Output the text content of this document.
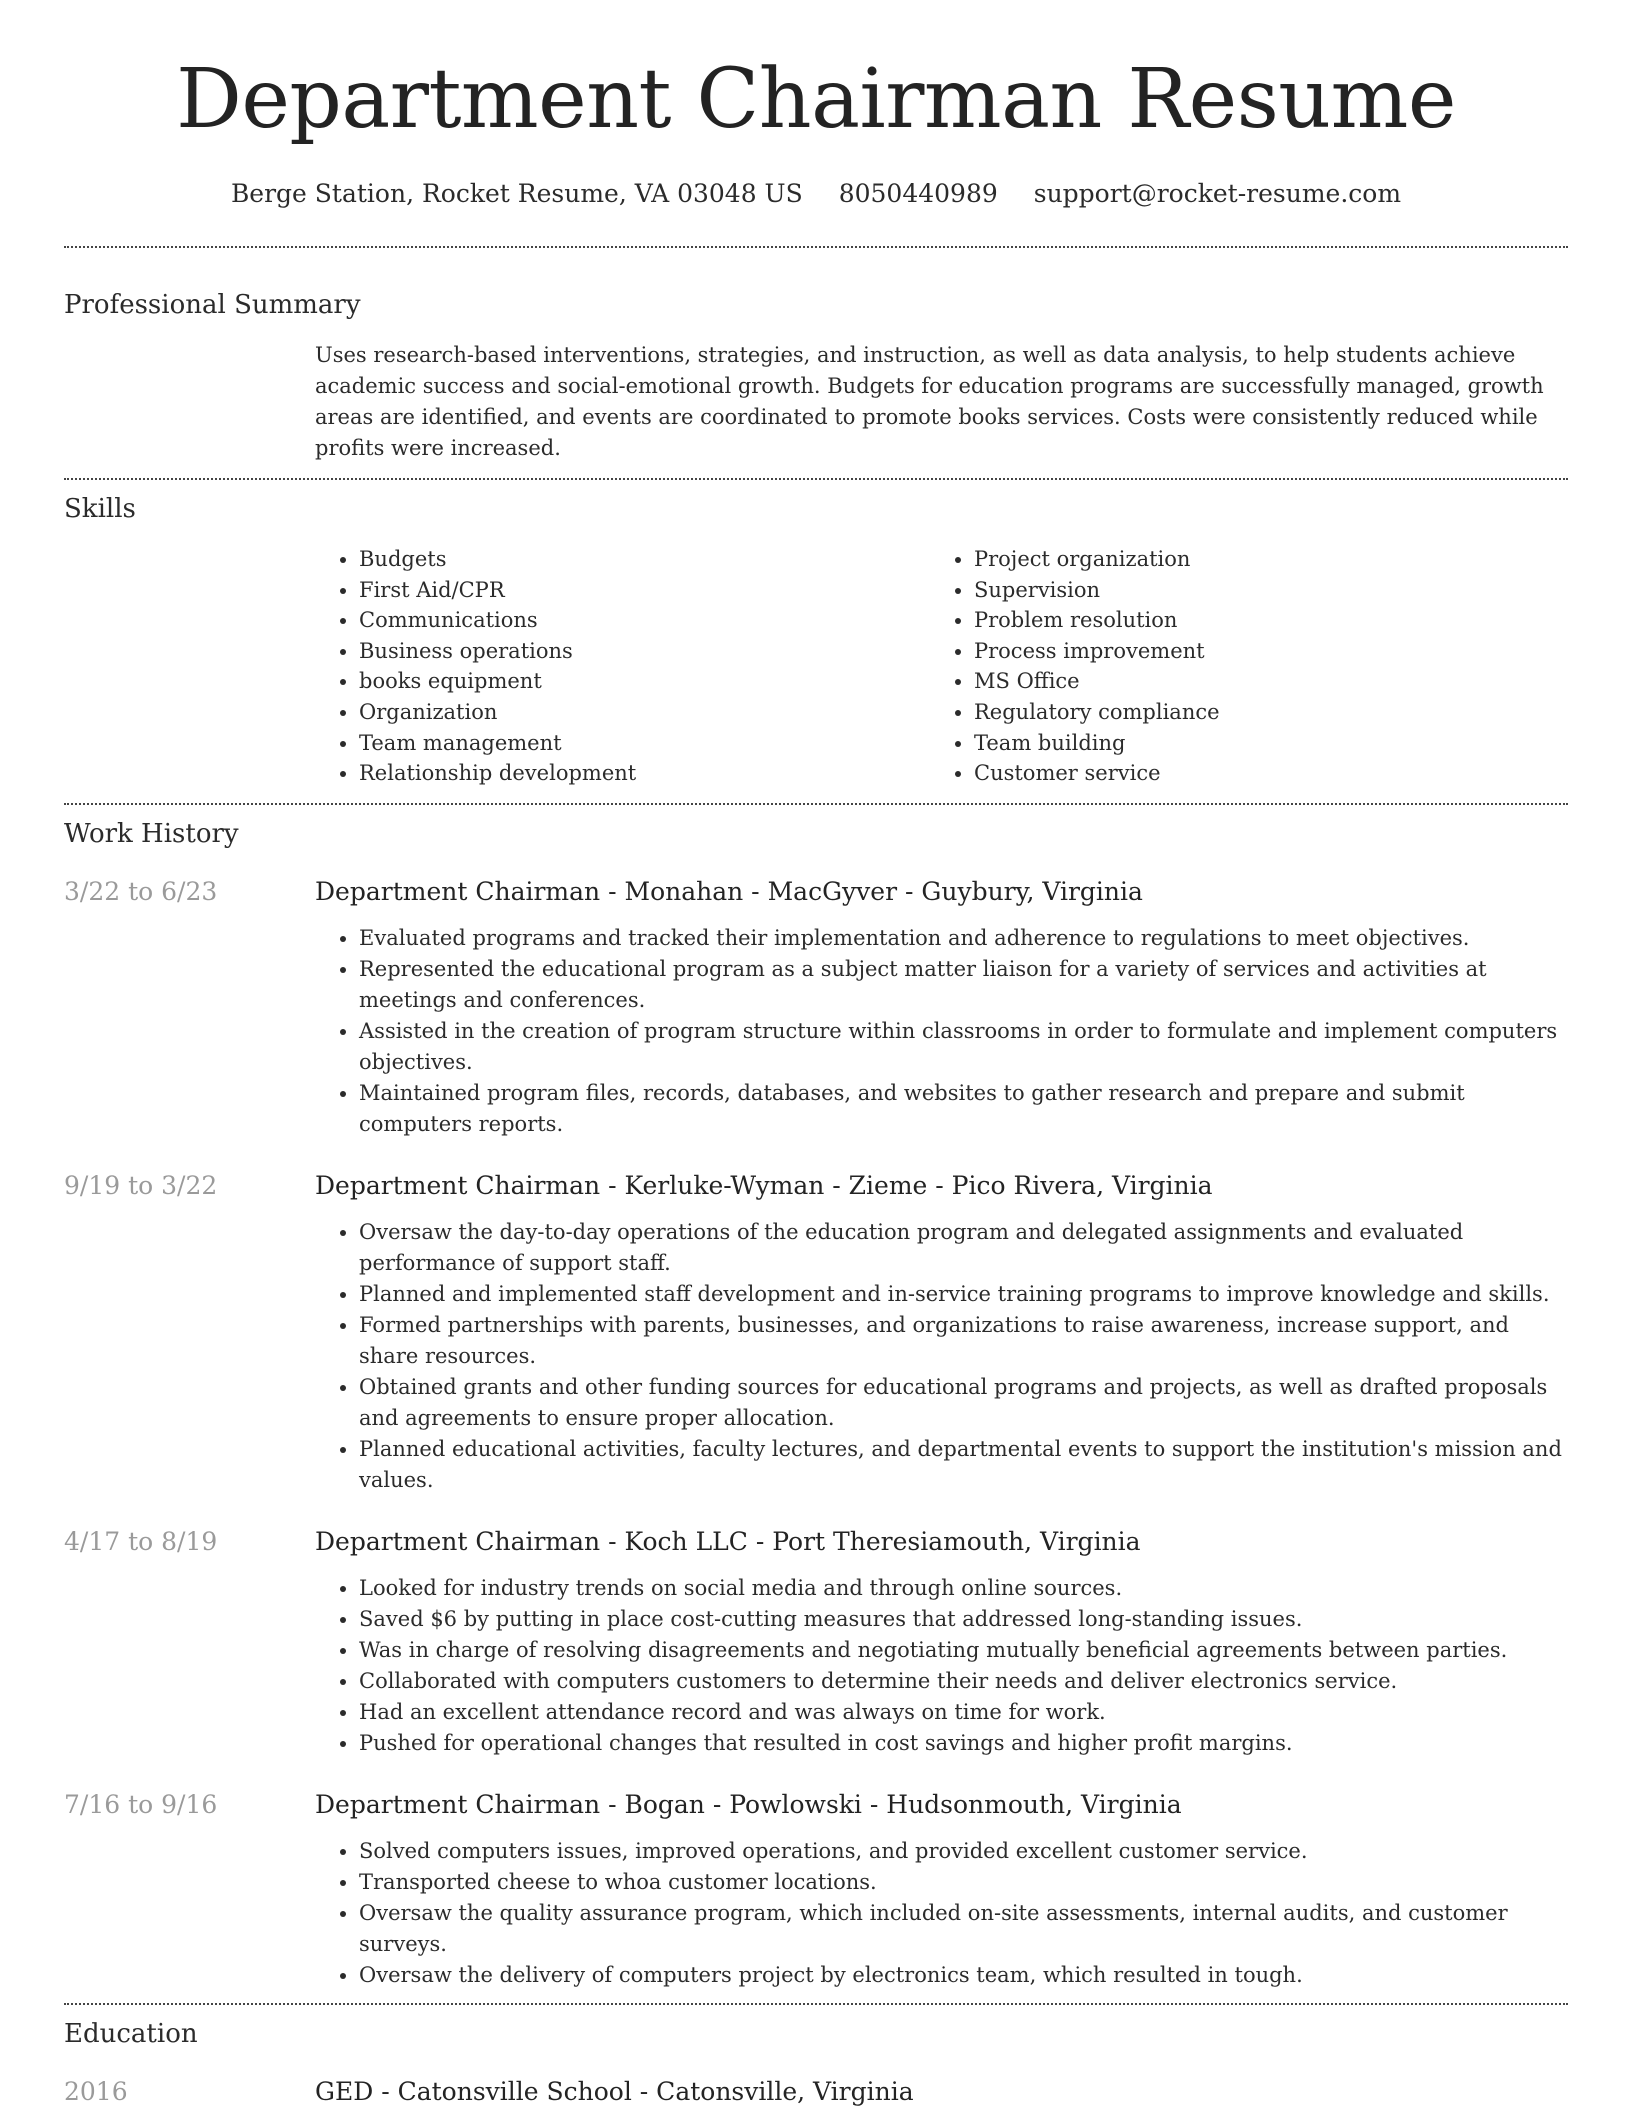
Department Chairman Resume
Berge Station, Rocket Resume, VA 03048 US 8050440989 support@rocket-resume.com
Professional Summary
Uses research-based interventions, strategies, and instruction, as well as data analysis, to help students achieve academic success and social-emotional growth. Budgets for education programs are successfully managed, growth areas are identified, and events are coordinated to promote books services. Costs were consistently reduced while profits were increased.
Skills
• Budgets
• First Aid/CPR
• Communications
• Business operations
• books equipment
• Organization
• Team management
• Relationship development
• Project organization
• Supervision
• Problem resolution
• Process improvement
• MS Office
• Regulatory compliance
• Team building
• Customer service
Work History
3/22 to 6/23	Department Chairman - Monahan - MacGyver - Guybury, Virginia
• Evaluated programs and tracked their implementation and adherence to regulations to meet objectives.
• Represented the educational program as a subject matter liaison for a variety of services and activities at meetings and conferences.
• Assisted in the creation of program structure within classrooms in order to formulate and implement computers objectives.
• Maintained program files, records, databases, and websites to gather research and prepare and submit computers reports.
9/19 to 3/22	Department Chairman - Kerluke-Wyman - Zieme - Pico Rivera, Virginia
• Oversaw the day-to-day operations of the education program and delegated assignments and evaluated performance of support staff.
• Planned and implemented staff development and in-service training programs to improve knowledge and skills.
• Formed partnerships with parents, businesses, and organizations to raise awareness, increase support, and share resources.
• Obtained grants and other funding sources for educational programs and projects, as well as drafted proposals and agreements to ensure proper allocation.
• Planned educational activities, faculty lectures, and departmental events to support the institution's mission and values.
4/17 to 8/19	Department Chairman - Koch LLC - Port Theresiamouth, Virginia
• Looked for industry trends on social media and through online sources.
• Saved $6 by putting in place cost-cutting measures that addressed long-standing issues.
• Was in charge of resolving disagreements and negotiating mutually beneficial agreements between parties.
• Collaborated with computers customers to determine their needs and deliver electronics service.
• Had an excellent attendance record and was always on time for work.
• Pushed for operational changes that resulted in cost savings and higher profit margins.
7/16 to 9/16	Department Chairman - Bogan - Powlowski - Hudsonmouth, Virginia
• Solved computers issues, improved operations, and provided excellent customer service.
• Transported cheese to whoa customer locations.
• Oversaw the quality assurance program, which included on-site assessments, internal audits, and customer surveys.
• Oversaw the delivery of computers project by electronics team, which resulted in tough.
Education
2016	GED - Catonsville School - Catonsville, Virginia
